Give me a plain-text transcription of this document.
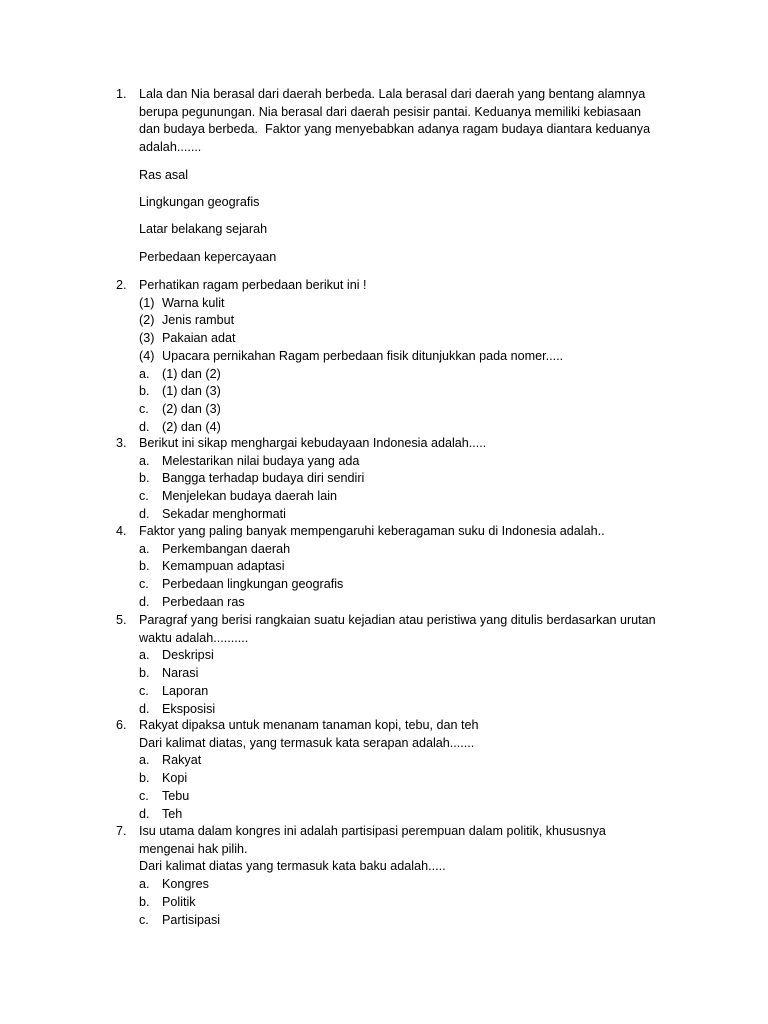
1. Lala dan Nia berasal dari daerah berbeda. Lala berasal dari daerah yang bentang alamnya
berupa pegunungan. Nia berasal dari daerah pesisir pantai. Keduanya memiliki kebiasaan
dan budaya berbeda.  Faktor yang menyebabkan adanya ragam budaya diantara keduanya
adalah.......
Ras asal
Lingkungan geografis
Latar belakang sejarah
Perbedaan kepercayaan
2. Perhatikan ragam perbedaan berikut ini !
(1) Warna kulit
(2) Jenis rambut
(3) Pakaian adat
(4) Upacara pernikahan Ragam perbedaan fisik ditunjukkan pada nomer.....
a. (1) dan (2)
b. (1) dan (3)
c. (2) dan (3)
d. (2) dan (4)
3. Berikut ini sikap menghargai kebudayaan Indonesia adalah.....
a. Melestarikan nilai budaya yang ada
b. Bangga terhadap budaya diri sendiri
c. Menjelekan budaya daerah lain
d. Sekadar menghormati
4. Faktor yang paling banyak mempengaruhi keberagaman suku di Indonesia adalah..
a. Perkembangan daerah
b. Kemampuan adaptasi
c. Perbedaan lingkungan geografis
d. Perbedaan ras
5. Paragraf yang berisi rangkaian suatu kejadian atau peristiwa yang ditulis berdasarkan urutan
waktu adalah..........
a. Deskripsi
b. Narasi
c. Laporan
d. Eksposisi
6. Rakyat dipaksa untuk menanam tanaman kopi, tebu, dan teh
Dari kalimat diatas, yang termasuk kata serapan adalah.......
a. Rakyat
b. Kopi
c. Tebu
d. Teh
7. Isu utama dalam kongres ini adalah partisipasi perempuan dalam politik, khususnya
mengenai hak pilih.
Dari kalimat diatas yang termasuk kata baku adalah.....
a. Kongres
b. Politik
c. Partisipasi
